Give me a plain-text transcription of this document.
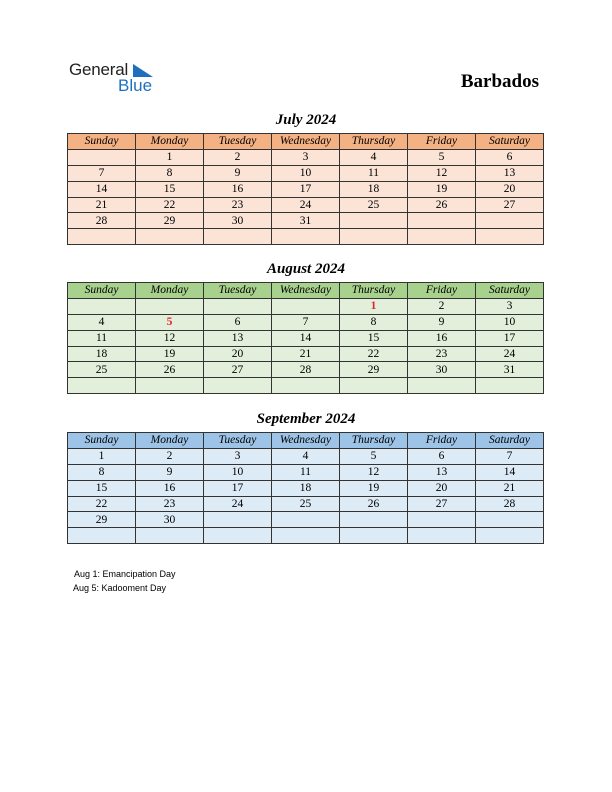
General
Blue	Barbados
July 2024
Sunday	Monday	Tuesday	Wednesday	Thursday	Friday	Saturday
	1	2	3	4	5	6
7	8	9	10	11	12	13
14	15	16	17	18	19	20
21	22	23	24	25	26	27
28	29	30	31			

August 2024
Sunday	Monday	Tuesday	Wednesday	Thursday	Friday	Saturday
				1	2	3
4	5	6	7	8	9	10
11	12	13	14	15	16	17
18	19	20	21	22	23	24
25	26	27	28	29	30	31

September 2024
Sunday	Monday	Tuesday	Wednesday	Thursday	Friday	Saturday
1	2	3	4	5	6	7
8	9	10	11	12	13	14
15	16	17	18	19	20	21
22	23	24	25	26	27	28
29	30					

Aug 1: Emancipation Day
Aug 5: Kadooment Day
